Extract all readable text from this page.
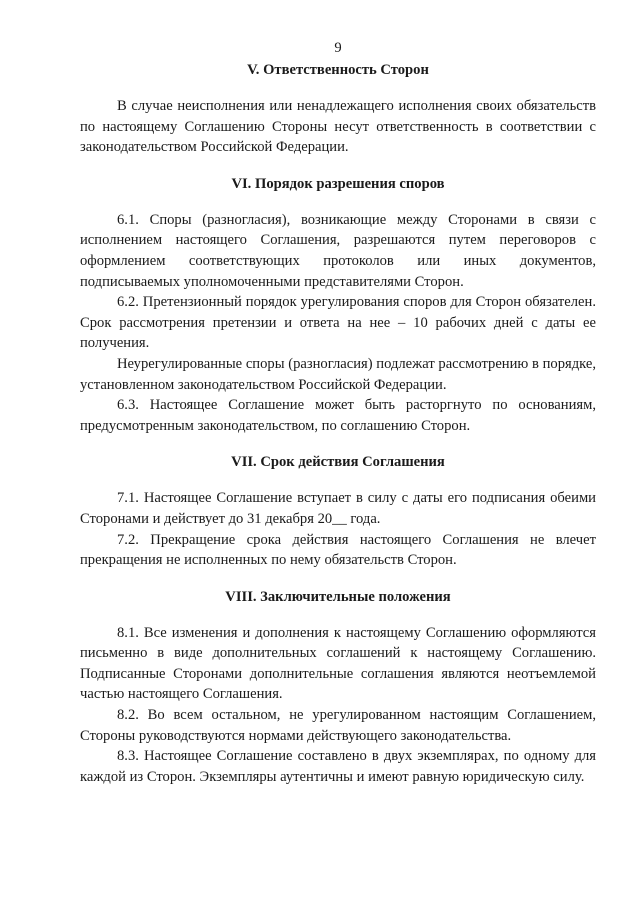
9
V. Ответственность Сторон

В случае неисполнения или ненадлежащего исполнения своих обязательств по настоящему Соглашению Стороны несут ответственность в соответствии с законодательством Российской Федерации.

VI. Порядок разрешения споров

6.1. Споры (разногласия), возникающие между Сторонами в связи с исполнением настоящего Соглашения, разрешаются путем переговоров с оформлением соответствующих протоколов или иных документов, подписываемых уполномоченными представителями Сторон.

6.2. Претензионный порядок урегулирования споров для Сторон обязателен. Срок рассмотрения претензии и ответа на нее – 10 рабочих дней с даты ее получения.

Неурегулированные споры (разногласия) подлежат рассмотрению в порядке, установленном законодательством Российской Федерации.

6.3. Настоящее Соглашение может быть расторгнуто по основаниям, предусмотренным законодательством, по соглашению Сторон.

VII. Срок действия Соглашения

7.1. Настоящее Соглашение вступает в силу с даты его подписания обеими Сторонами и действует до 31 декабря 20__ года.

7.2. Прекращение срока действия настоящего Соглашения не влечет прекращения не исполненных по нему обязательств Сторон.

VIII. Заключительные положения

8.1. Все изменения и дополнения к настоящему Соглашению оформляются письменно в виде дополнительных соглашений к настоящему Соглашению. Подписанные Сторонами дополнительные соглашения являются неотъемлемой частью настоящего Соглашения.

8.2. Во всем остальном, не урегулированном настоящим Соглашением, Стороны руководствуются нормами действующего законодательства.

8.3. Настоящее Соглашение составлено в двух экземплярах, по одному для каждой из Сторон. Экземпляры аутентичны и имеют равную юридическую силу.
